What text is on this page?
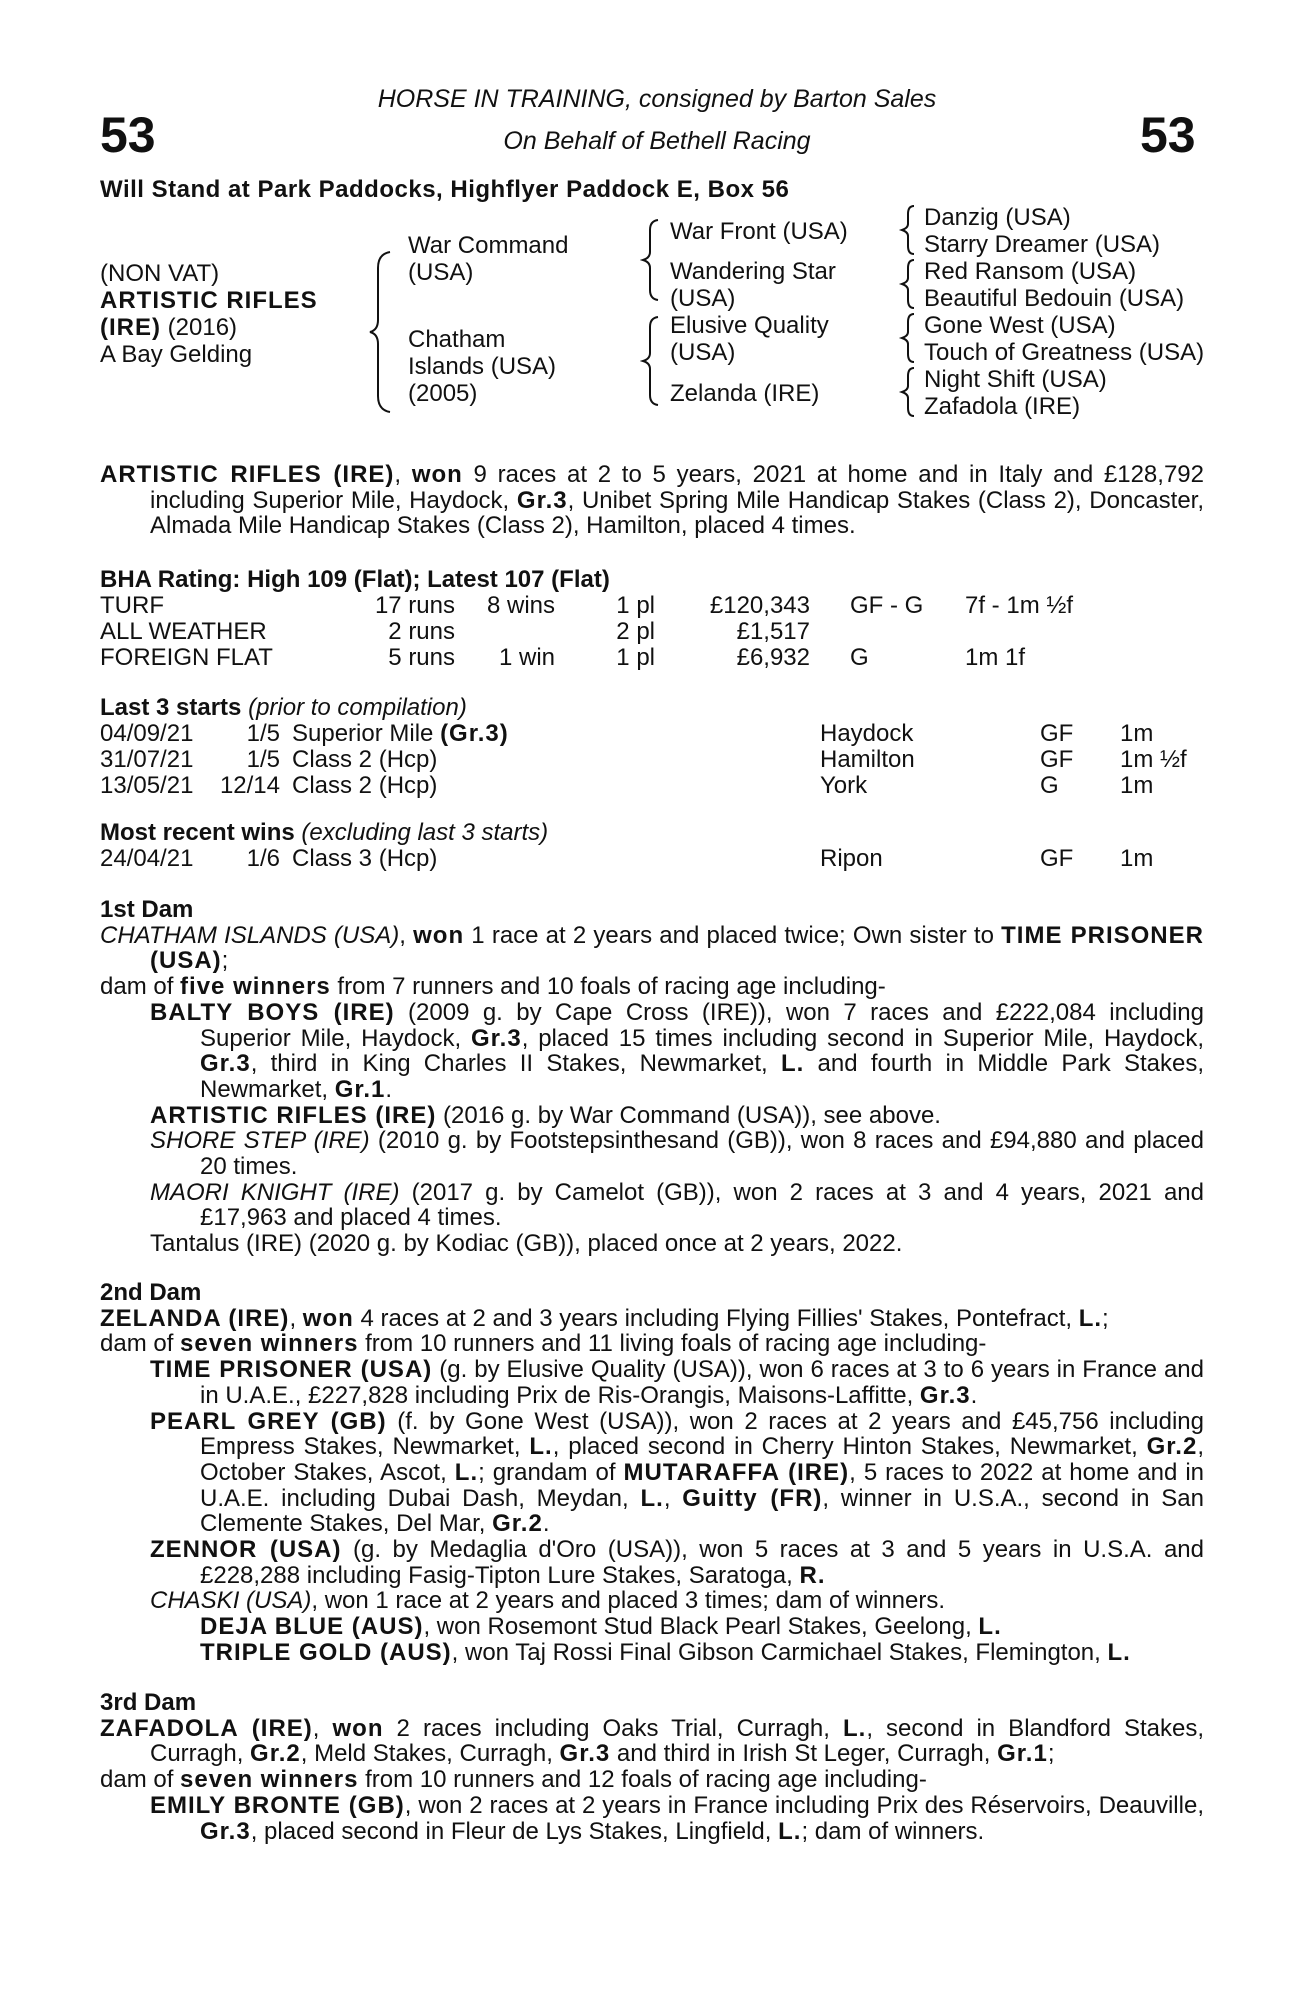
53	53
HORSE IN TRAINING, consigned by Barton Sales
On Behalf of Bethell Racing
Will Stand at Park Paddocks, Highflyer Paddock E, Box 56
(NON VAT)
ARTISTIC RIFLES
(IRE) (2016)
A Bay Gelding
War Command (USA)
Chatham Islands (USA) (2005)
War Front (USA)
Wandering Star (USA)
Elusive Quality (USA)
Zelanda (IRE)
Danzig (USA)
Starry Dreamer (USA)
Red Ransom (USA)
Beautiful Bedouin (USA)
Gone West (USA)
Touch of Greatness (USA)
Night Shift (USA)
Zafadola (IRE)

ARTISTIC RIFLES (IRE), won 9 races at 2 to 5 years, 2021 at home and in Italy and £128,792 including Superior Mile, Haydock, Gr.3, Unibet Spring Mile Handicap Stakes (Class 2), Doncaster, Almada Mile Handicap Stakes (Class 2), Hamilton, placed 4 times.

BHA Rating: High 109 (Flat); Latest 107 (Flat)
TURF	17 runs	8 wins	1 pl	£120,343	GF - G	7f - 1m ½f
ALL WEATHER	2 runs		2 pl	£1,517		
FOREIGN FLAT	5 runs	1 win	1 pl	£6,932	G	1m 1f
Last 3 starts (prior to compilation)
04/09/21	1/5	Superior Mile (Gr.3)	Haydock	GF	1m
31/07/21	1/5	Class 2 (Hcp)	Hamilton	GF	1m ½f
13/05/21	12/14	Class 2 (Hcp)	York	G	1m
Most recent wins (excluding last 3 starts)
24/04/21	1/6	Class 3 (Hcp)	Ripon	GF	1m
1st Dam

CHATHAM ISLANDS (USA), won 1 race at 2 years and placed twice; Own sister to TIME PRISONER (USA);

dam of five winners from 7 runners and 10 foals of racing age including-

BALTY BOYS (IRE) (2009 g. by Cape Cross (IRE)), won 7 races and £222,084 including Superior Mile, Haydock, Gr.3, placed 15 times including second in Superior Mile, Haydock, Gr.3, third in King Charles II Stakes, Newmarket, L. and fourth in Middle Park Stakes, Newmarket, Gr.1.

ARTISTIC RIFLES (IRE) (2016 g. by War Command (USA)), see above.

SHORE STEP (IRE) (2010 g. by Footstepsinthesand (GB)), won 8 races and £94,880 and placed 20 times.

MAORI KNIGHT (IRE) (2017 g. by Camelot (GB)), won 2 races at 3 and 4 years, 2021 and £17,963 and placed 4 times.

Tantalus (IRE) (2020 g. by Kodiac (GB)), placed once at 2 years, 2022.

2nd Dam

ZELANDA (IRE), won 4 races at 2 and 3 years including Flying Fillies' Stakes, Pontefract, L.;

dam of seven winners from 10 runners and 11 living foals of racing age including-

TIME PRISONER (USA) (g. by Elusive Quality (USA)), won 6 races at 3 to 6 years in France and in U.A.E., £227,828 including Prix de Ris-Orangis, Maisons-Laffitte, Gr.3.

PEARL GREY (GB) (f. by Gone West (USA)), won 2 races at 2 years and £45,756 including Empress Stakes, Newmarket, L., placed second in Cherry Hinton Stakes, Newmarket, Gr.2, October Stakes, Ascot, L.; grandam of MUTARAFFA (IRE), 5 races to 2022 at home and in U.A.E. including Dubai Dash, Meydan, L., Guitty (FR), winner in U.S.A., second in San Clemente Stakes, Del Mar, Gr.2.

ZENNOR (USA) (g. by Medaglia d'Oro (USA)), won 5 races at 3 and 5 years in U.S.A. and £228,288 including Fasig-Tipton Lure Stakes, Saratoga, R.

CHASKI (USA), won 1 race at 2 years and placed 3 times; dam of winners.

DEJA BLUE (AUS), won Rosemont Stud Black Pearl Stakes, Geelong, L.

TRIPLE GOLD (AUS), won Taj Rossi Final Gibson Carmichael Stakes, Flemington, L.

3rd Dam

ZAFADOLA (IRE), won 2 races including Oaks Trial, Curragh, L., second in Blandford Stakes, Curragh, Gr.2, Meld Stakes, Curragh, Gr.3 and third in Irish St Leger, Curragh, Gr.1;

dam of seven winners from 10 runners and 12 foals of racing age including-

EMILY BRONTE (GB), won 2 races at 2 years in France including Prix des Réservoirs, Deauville, Gr.3, placed second in Fleur de Lys Stakes, Lingfield, L.; dam of winners.
